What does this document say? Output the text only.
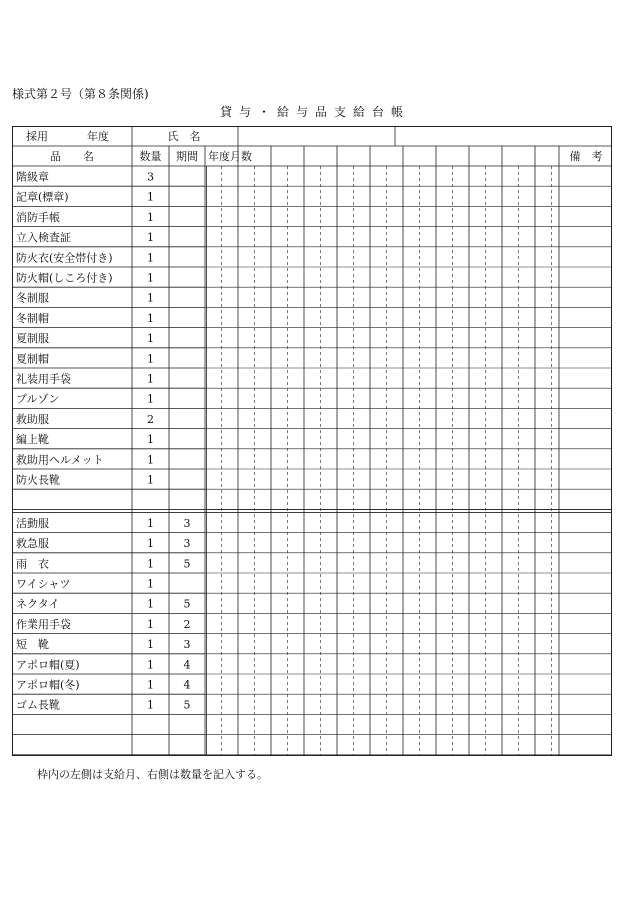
様式第２号（第８条関係)
貸与・給与品支給台帳
採用	年度	氏　名
品　　名	数量 期間 年度月数	備　考
階級章	3
記章(標章)	1
消防手帳	1
立入検査証	1
防火衣(安全帯付き)	1
防火帽(しころ付き)	1
冬制服	1
冬制帽	1
夏制服	1
夏制帽	1
礼装用手袋	1
ブルゾン	1
救助服	2
編上靴	1
救助用ヘルメット	1
防火長靴	1
活動服	1	3
救急服	1	3
雨　衣	1	5
ワイシャツ	1
ネクタイ	1	5
作業用手袋	1	2
短　靴	1	3
アポロ帽(夏)	1	4
アポロ帽(冬)	1	4
ゴム長靴	1	5
枠内の左側は支給月、右側は数量を記入する。
